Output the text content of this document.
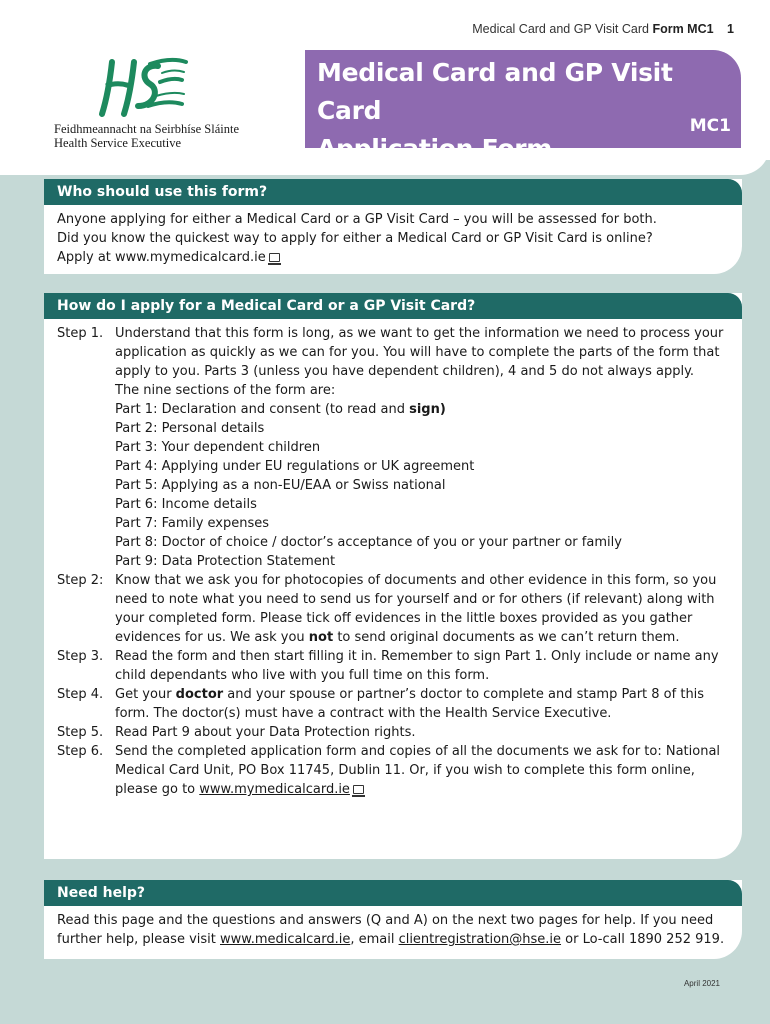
Medical Card and GP Visit Card Form MC1 1
Feidhmeannacht na Seirbhíse Sláinte
Health Service Executive
Medical Card and GP Visit Card
Application Form
MC1
Who should use this form?
Anyone applying for either a Medical Card or a GP Visit Card – you will be assessed for both.
Did you know the quickest way to apply for either a Medical Card or GP Visit Card is online?
Apply at www.mymedicalcard.ie
How do I apply for a Medical Card or a GP Visit Card?
Step 1. Understand that this form is long, as we want to get the information we need to process your application as quickly as we can for you. You will have to complete the parts of the form that apply to you. Parts 3 (unless you have dependent children), 4 and 5 do not always apply.
The nine sections of the form are:
Part 1: Declaration and consent (to read and sign)
Part 2: Personal details
Part 3: Your dependent children
Part 4: Applying under EU regulations or UK agreement
Part 5: Applying as a non-EU/EAA or Swiss national
Part 6: Income details
Part 7: Family expenses
Part 8: Doctor of choice / doctor’s acceptance of you or your partner or family
Part 9: Data Protection Statement
Step 2: Know that we ask you for photocopies of documents and other evidence in this form, so you need to note what you need to send us for yourself and or for others (if relevant) along with your completed form. Please tick off evidences in the little boxes provided as you gather evidences for us. We ask you not to send original documents as we can’t return them.
Step 3. Read the form and then start filling it in. Remember to sign Part 1. Only include or name any child dependants who live with you full time on this form.
Step 4. Get your doctor and your spouse or partner’s doctor to complete and stamp Part 8 of this form. The doctor(s) must have a contract with the Health Service Executive.
Step 5. Read Part 9 about your Data Protection rights.
Step 6. Send the completed application form and copies of all the documents we ask for to: National Medical Card Unit, PO Box 11745, Dublin 11. Or, if you wish to complete this form online, please go to www.mymedicalcard.ie
Need help?
Read this page and the questions and answers (Q and A) on the next two pages for help. If you need further help, please visit www.medicalcard.ie, email clientregistration@hse.ie or Lo-call 1890 252 919.
April 2021
